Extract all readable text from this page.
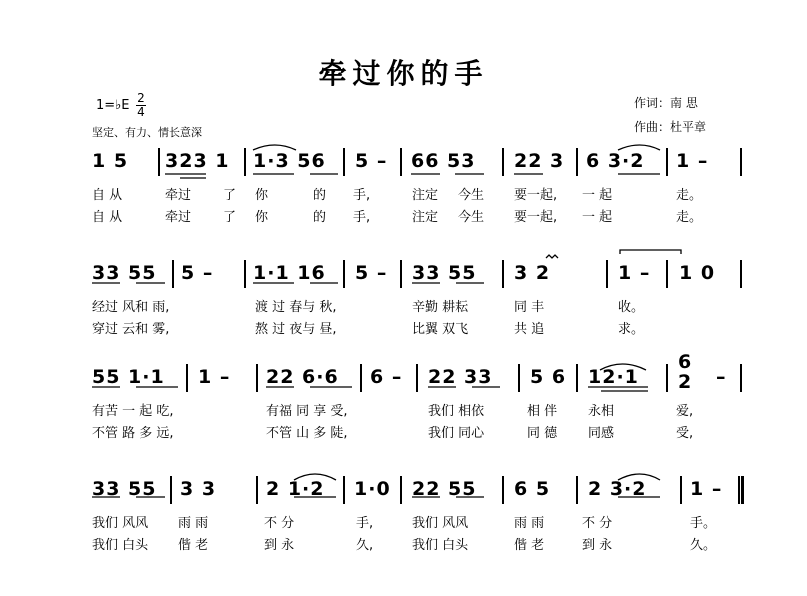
牵过你的手
1=♭E 2
4
坚定、有力、情长意深
作词：南 思
作曲：杜平章
1 5 323 1 1·3 56 5 – 66 53 22 3 6 3·2 1 –
自 从	牵过 了 你	的 手,	注定 今生 要一起, 一 起	走。
自 从	牵过 了 你	的 手,	注定 今生 要一起, 一 起	走。
33 55 5 – 1·1 16 5 – 33 55 3 2	1 – 1 0
经过 风和 雨,	渡 过 春与 秋,	辛勤 耕耘	同 丰	收。
穿过 云和 雾,	熬 过 夜与 昼,	比翼 双飞	共 追	求。
55 1·1 1 – 22 6·6 6 – 22 33 5 6 12·1	–
有苦 一 起 吃,	有福 同 享 受,	我们 相依	相 伴 永相	爱,
不管 路 多 远,	不管 山 多 陡,	我们 同心	同 德 同感	受,
33 55 3 3	2 1·2 1·0 22 55 6 5 2 3·2 1 –
我们 风风 雨 雨	不 分	手,	我们 风风	雨 雨	不 分	手。
我们 白头 偕 老	到 永	久,	我们 白头	偕 老	到 永	久。
6
2
